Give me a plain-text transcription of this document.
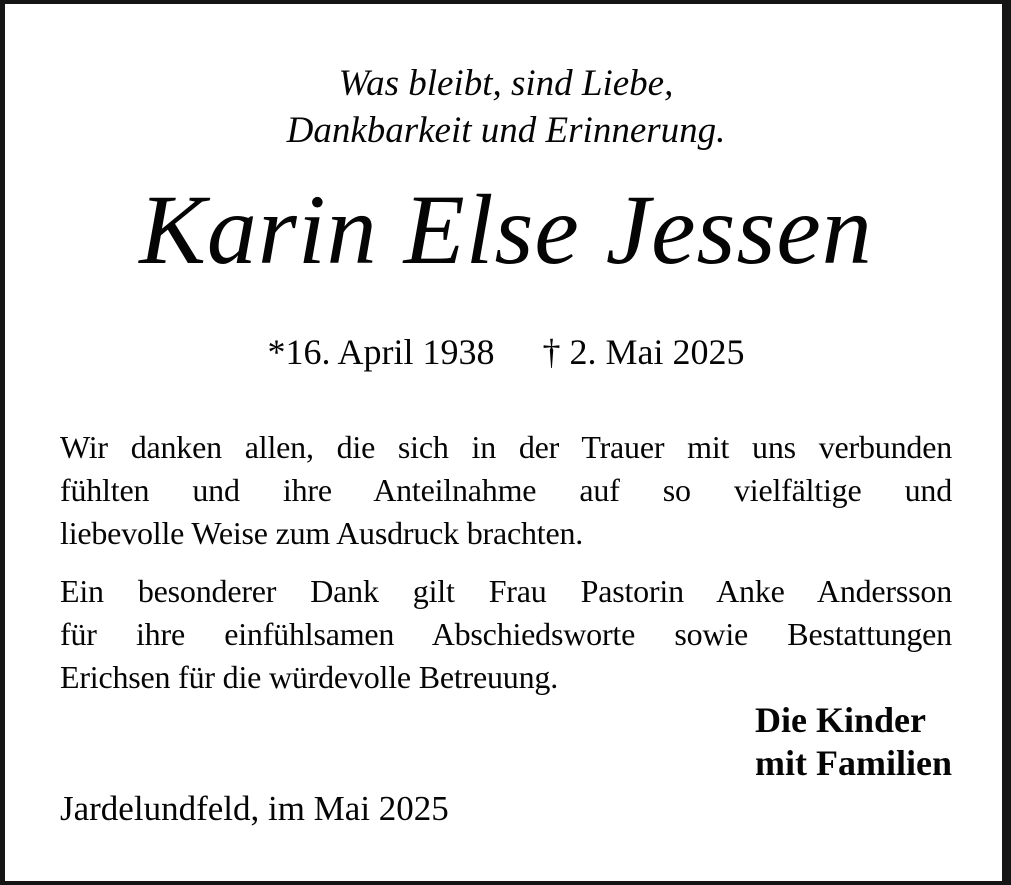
Was bleibt, sind Liebe,
Dankbarkeit und Erinnerung.
Karin Else Jessen
*16. April 1938 † 2. Mai 2025
Wir danken allen, die sich in der Trauer mit uns verbunden
fühlten und ihre Anteilnahme auf so vielfältige und
liebevolle Weise zum Ausdruck brachten.
Ein besonderer Dank gilt Frau Pastorin Anke Andersson
für ihre einfühlsamen Abschiedsworte sowie Bestattungen
Erichsen für die würdevolle Betreuung.
Die Kinder
mit Familien
Jardelundfeld, im Mai 2025
